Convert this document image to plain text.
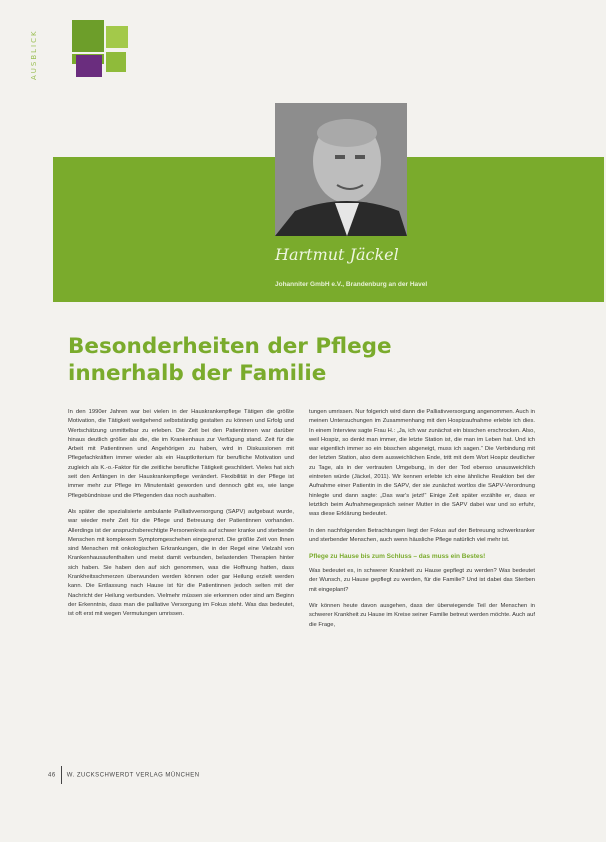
AUSBLICK
Hartmut Jäckel
Johanniter GmbH e.V., Brandenburg an der Havel
Besonderheiten der Pflege
innerhalb der Familie

In den 1990er Jahren war bei vielen in der Hauskrankenpflege Tätigen die größte Motivation, die Tätigkeit weitgehend selbstständig gestalten zu können und Erfolg und Wertschätzung unmittelbar zu erleben. Die Zeit bei den Patientinnen war darüber hinaus deutlich größer als die, die im Krankenhaus zur Verfügung stand. Zeit für die Arbeit mit Patientinnen und Angehörigen zu haben, wird in Diskussionen mit Pflegefachkräften immer wieder als ein Hauptkriterium für berufliche Motivation und zugleich als K.-o.-Faktor für die zeitliche berufliche Tätigkeit geschildert. Vieles hat sich seit den Anfängen in der Hauskrankenpflege verändert. Flexibilität in der Pflege ist immer mehr zur Pflege im Minutentakt geworden und dennoch gibt es, wie lange Pflegebündnisse und die Pflegenden das noch aushalten.

Als später die spezialisierte ambulante Palliativversorgung (SAPV) aufgebaut wurde, war wieder mehr Zeit für die Pflege und Betreuung der Patientinnen vorhanden. Allerdings ist der anspruchsberechtigte Personenkreis auf schwer kranke und sterbende Menschen mit komplexem Symptomgeschehen eingegrenzt. Die größte Zeit von Ihnen sind Menschen mit onkologischen Erkrankungen, die in der Regel eine Vielzahl von Krankenhausaufenthalten und meist damit verbunden, belastenden Therapien hinter sich haben. Sie haben den auf sich genommen, was die Hoffnung hatten, dass Krankheitsschmerzen überwunden werden können oder gar Heilung erzielt werden kann. Die Entlassung nach Hause ist für die Patientinnen jedoch selten mit der Nachricht der Heilung verbunden. Vielmehr müssen sie erkennen oder sind am Beginn der Erkenntnis, dass man die palliative Versorgung im Fokus steht. Was das bedeutet, ist oft erst mit wegen Vermutungen umrissen.

tungen umrissen. Nur folgerich wird dann die Palliativversorgung angenommen. Auch in meinen Untersuchungen im Zusammenhang mit den Hospizaufnahme erlebte ich dies. In einem Interview sagte Frau H.: „Ja, ich war zunächst ein bisschen erschrocken. Also, weil Hospiz, so denkt man immer, die letzte Station ist, die man im Leben hat. Und ich war eigentlich immer so ein bisschen abgeneigt, muss ich sagen.“ Die Verbindung mit der letzten Station, also dem ausweichlichen Ende, tritt mit dem Wort Hospiz deutlicher zu Tage, als in der vertrauten Umgebung, in der der Tod ebenso unausweichlich eintreten würde (Jäckel, 2011). Wir kennen erlebte ich eine ähnliche Reaktion bei der Aufnahme einer Patientin in die SAPV, der sie zunächst wortlos die SAPV-Verordnung hinlegte und dann sagte: „Das war's jetzt!“ Einige Zeit später erzählte er, dass er letztlich beim Aufnahmegespräch seiner Mutter in die SAPV dabei war und so erfuhr, was diese Erklärung bedeutet.

In den nachfolgenden Betrachtungen liegt der Fokus auf der Betreuung schwerkranker und sterbender Menschen, auch wenn häusliche Pflege natürlich viel mehr ist.

Pflege zu Hause bis zum Schluss – das muss ein Bestes!

Was bedeutet es, in schwerer Krankheit zu Hause gepflegt zu werden? Was bedeutet der Wunsch, zu Hause gepflegt zu werden, für die Familie? Und ist dabei das Sterben mit eingeplant?

Wir können heute davon ausgehen, dass der überwiegende Teil der Menschen in schwerer Krankheit zu Hause im Kreise seiner Familie betreut werden möchte. Auch auf die Frage,

46 W. ZUCKSCHWERDT VERLAG MÜNCHEN
